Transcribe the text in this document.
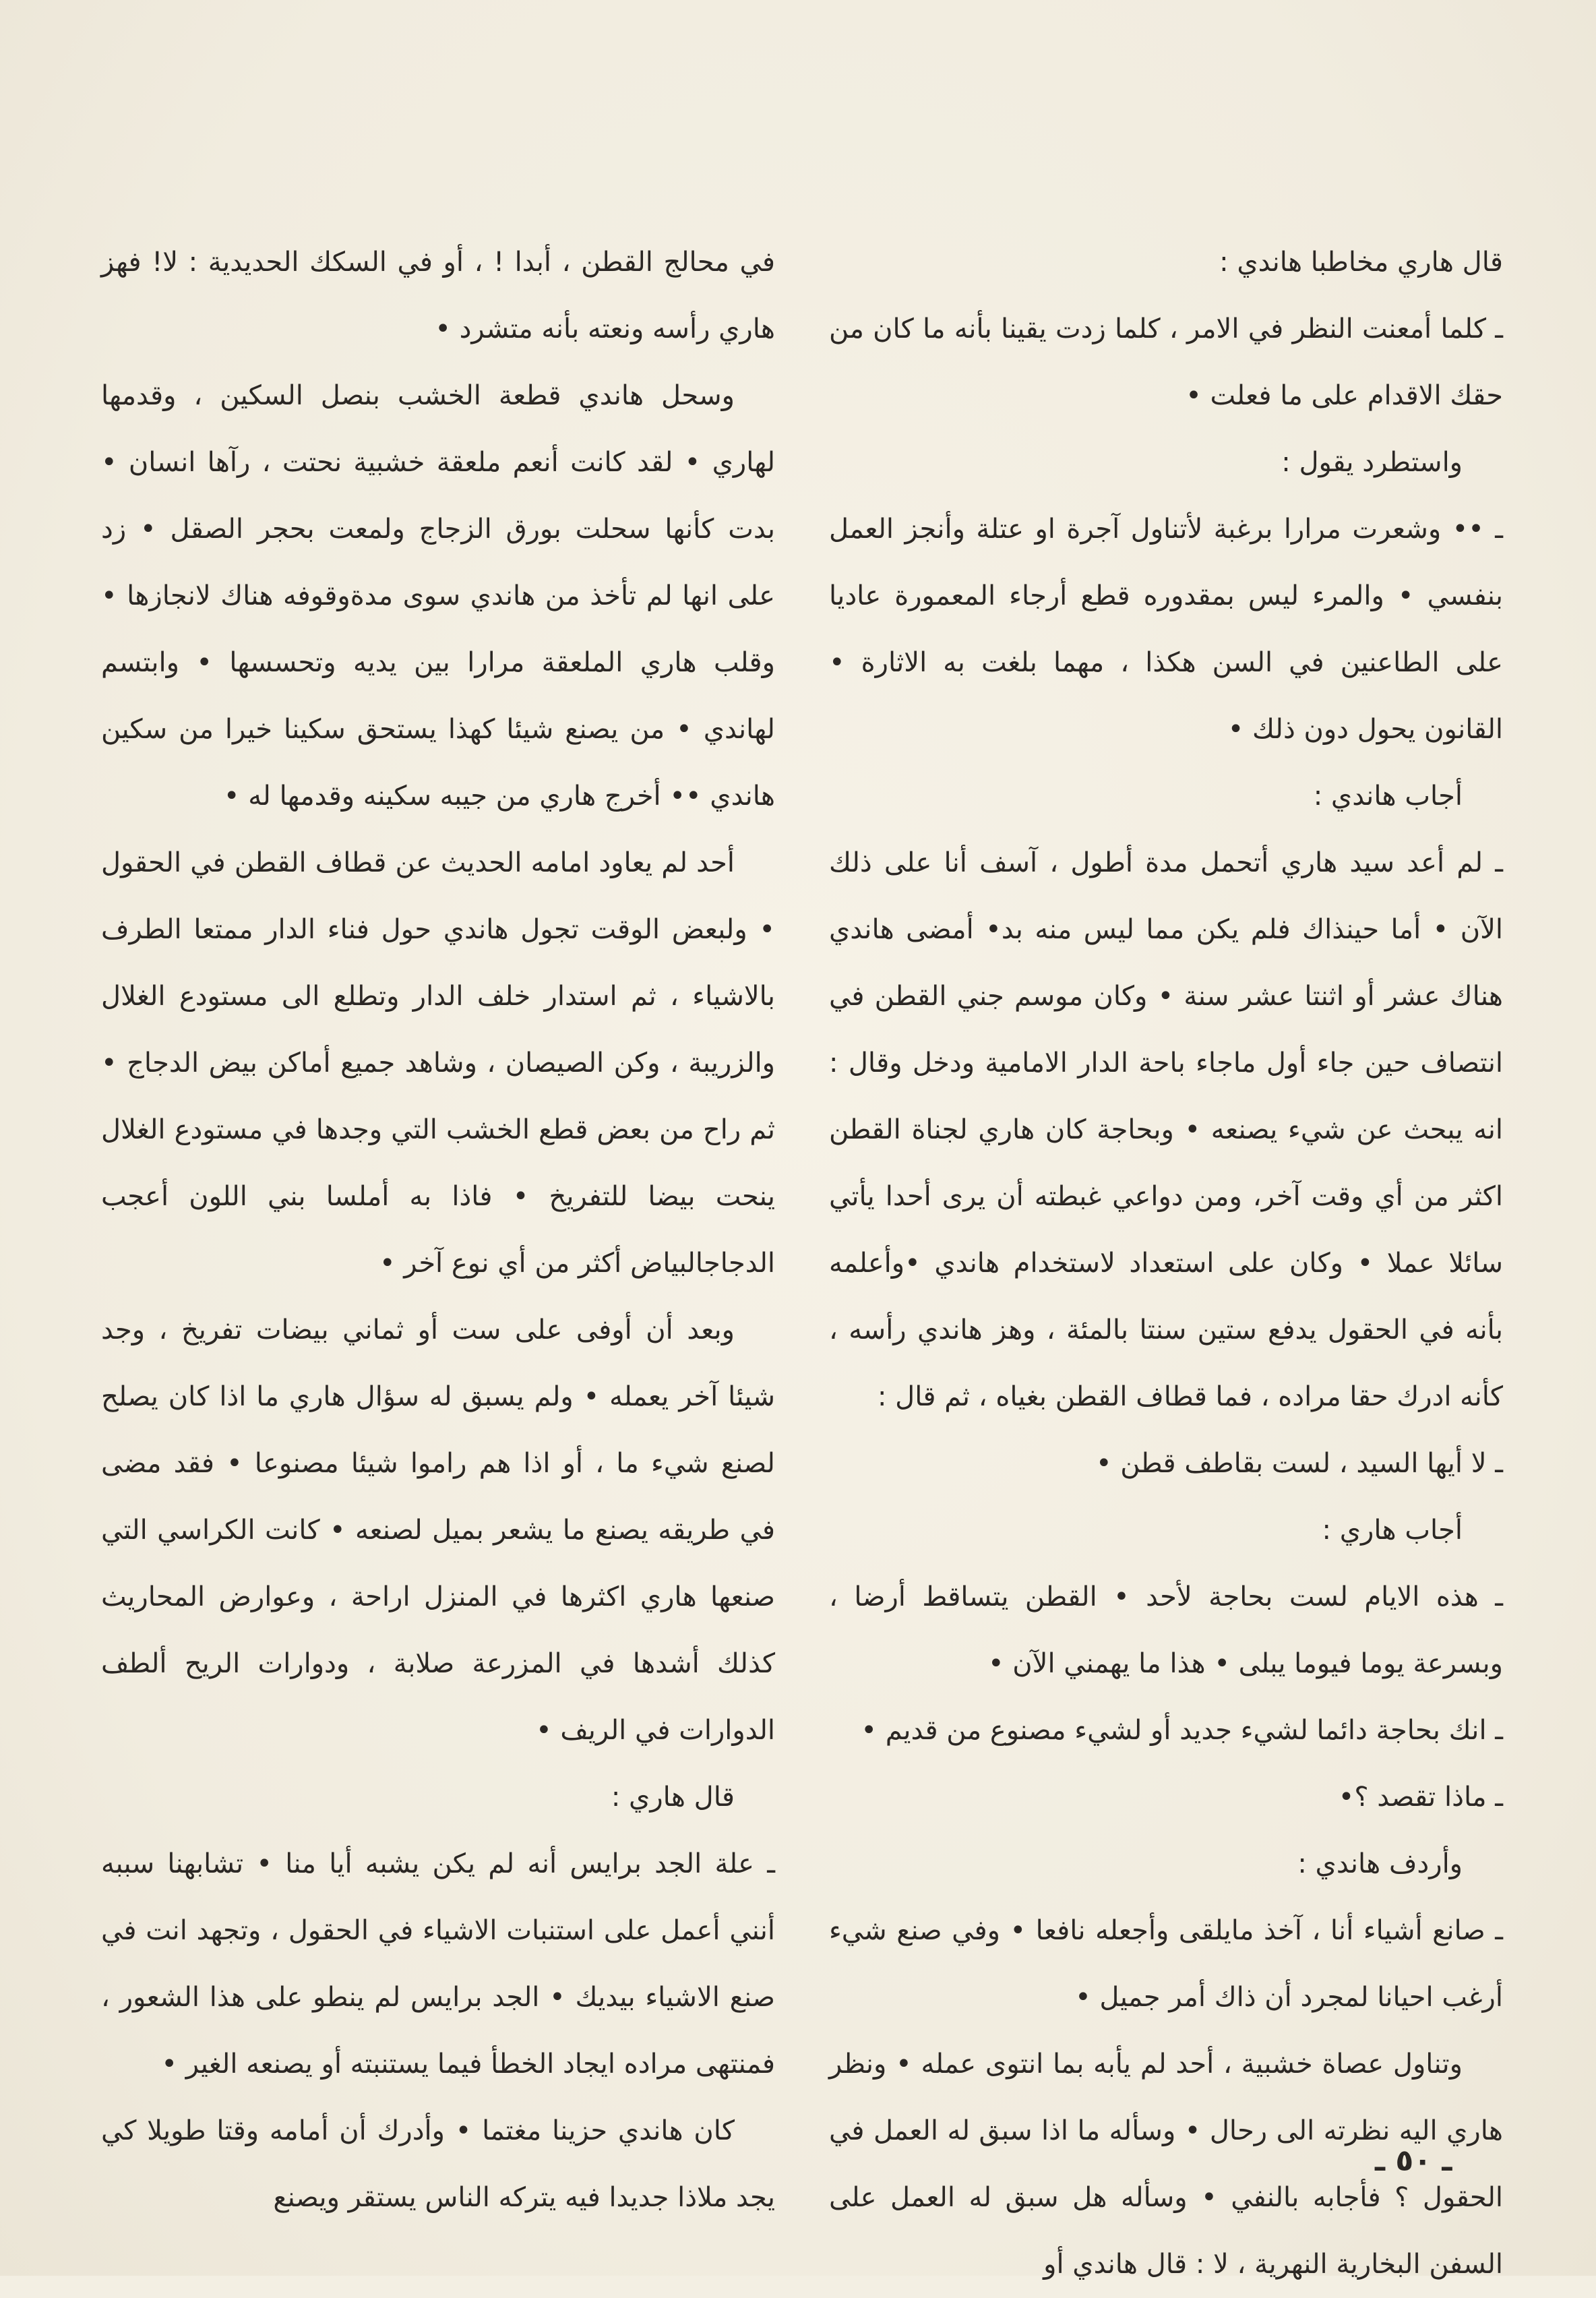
قال هاري مخاطبا هاندي :

ـ كلما أمعنت النظر في الامر ، كلما زدت يقينا بأنه ما كان من حقك الاقدام على ما فعلت •

واستطرد يقول :

ـ •• وشعرت مرارا برغبة لأتناول آجرة او عتلة وأنجز العمل بنفسي • والمرء ليس بمقدوره قطع أرجاء المعمورة عاديا على الطاعنين في السن هكذا ، مهما بلغت به الاثارة • القانون يحول دون ذلك •

أجاب هاندي :

ـ لم أعد سيد هاري أتحمل مدة أطول ، آسف أنا على ذلك الآن • أما حينذاك فلم يكن مما ليس منه بد• أمضى هاندي هناك عشر أو اثنتا عشر سنة • وكان موسم جني القطن في انتصاف حين جاء أول ماجاء باحة الدار الامامية ودخل وقال : انه يبحث عن شيء يصنعه • وبحاجة كان هاري لجناة القطن اكثر من أي وقت آخر، ومن دواعي غبطته أن يرى أحدا يأتي سائلا عملا • وكان على استعداد لاستخدام هاندي •وأعلمه بأنه في الحقول يدفع ستين سنتا بالمئة ، وهز هاندي رأسه ، كأنه ادرك حقا مراده ، فما قطاف القطن بغياه ، ثم قال :

ـ لا أيها السيد ، لست بقاطف قطن •

أجاب هاري :

ـ هذه الايام لست بحاجة لأحد • القطن يتساقط أرضا ، وبسرعة يوما فيوما يبلى • هذا ما يهمني الآن •

ـ انك بحاجة دائما لشيء جديد أو لشيء مصنوع من قديم •

ـ ماذا تقصد ؟•

وأردف هاندي :

ـ صانع أشياء أنا ، آخذ مايلقى وأجعله نافعا • وفي صنع شيء أرغب احيانا لمجرد أن ذاك أمر جميل •

وتناول عصاة خشبية ، أحد لم يأبه بما انتوى عمله • ونظر هاري اليه نظرته الى رحال • وسأله ما اذا سبق له العمل في الحقول ؟ فأجابه بالنفي • وسأله هل سبق له العمل على السفن البخارية النهرية ، لا : قال هاندي أو

في محالج القطن ، أبدا ! ، أو في السكك الحديدية : لا! فهز هاري رأسه ونعته بأنه متشرد •

وسحل هاندي قطعة الخشب بنصل السكين ، وقدمها لهاري • لقد كانت أنعم ملعقة خشبية نحتت ، رآها انسان • بدت كأنها سحلت بورق الزجاج ولمعت بحجر الصقل • زد على انها لم تأخذ من هاندي سوى مدةوقوفه هناك لانجازها • وقلب هاري الملعقة مرارا بين يديه وتحسسها • وابتسم لهاندي • من يصنع شيئا كهذا يستحق سكينا خيرا من سكين هاندي •• أخرج هاري من جيبه سكينه وقدمها له •

أحد لم يعاود امامه الحديث عن قطاف القطن في الحقول • ولبعض الوقت تجول هاندي حول فناء الدار ممتعا الطرف بالاشياء ، ثم استدار خلف الدار وتطلع الى مستودع الغلال والزريبة ، وكن الصيصان ، وشاهد جميع أماكن بيض الدجاج • ثم راح من بعض قطع الخشب التي وجدها في مستودع الغلال ينحت بيضا للتفريخ • فاذا به أملسا بني اللون أعجب الدجاجالبياض أكثر من أي نوع آخر •

وبعد أن أوفى على ست أو ثماني بيضات تفريخ ، وجد شيئا آخر يعمله • ولم يسبق له سؤال هاري ما اذا كان يصلح لصنع شيء ما ، أو اذا هم راموا شيئا مصنوعا • فقد مضى في طريقه يصنع ما يشعر بميل لصنعه • كانت الكراسي التي صنعها هاري اكثرها في المنزل اراحة ، وعوارض المحاريث كذلك أشدها في المزرعة صلابة ، ودوارات الريح ألطف الدوارات في الريف •

قال هاري :

ـ علة الجد برايس أنه لم يكن يشبه أيا منا • تشابهنا سببه أنني أعمل على استنبات الاشياء في الحقول ، وتجهد انت في صنع الاشياء بيديك • الجد برايس لم ينطو على هذا الشعور ، فمنتهى مراده ايجاد الخطأ فيما يستنبته أو يصنعه الغير •

كان هاندي حزينا مغتما • وأدرك أن أمامه وقتا طويلا كي يجد ملاذا جديدا فيه يتركه الناس يستقر ويصنع

ـ ٥٠ ـ
